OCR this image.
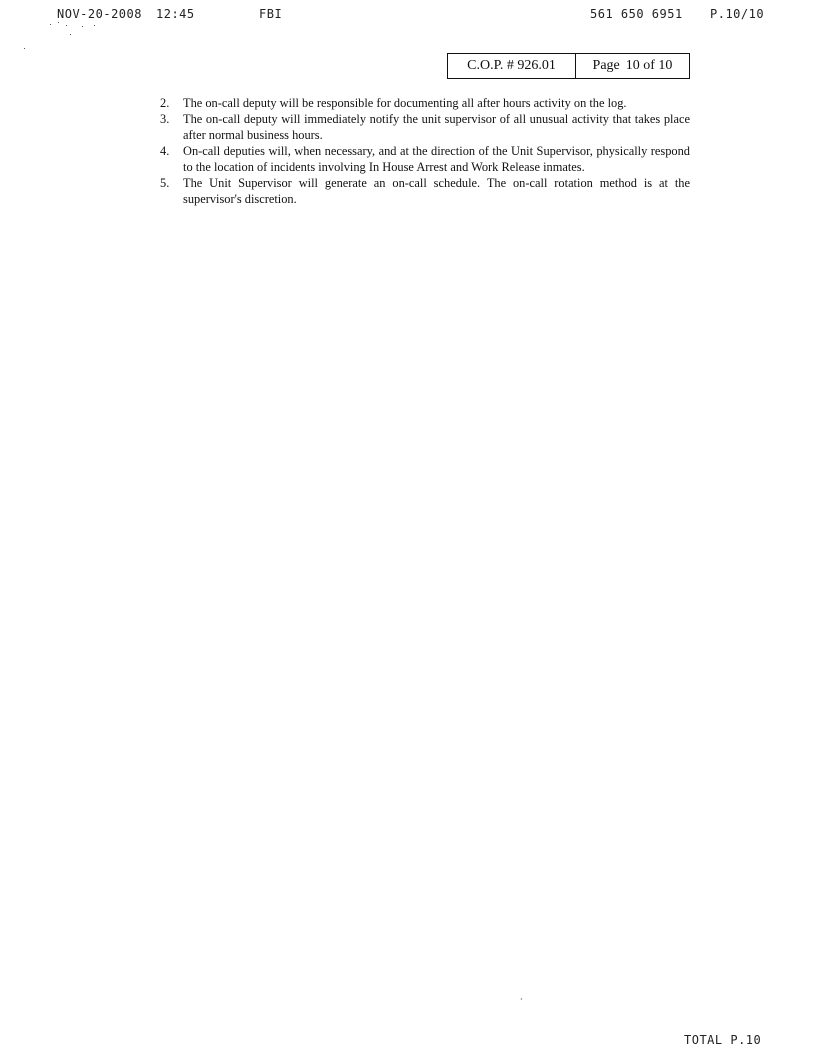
NOV-20-2008 12:45	FBI	561 650 6951 P.10/10
C.O.P. # 926.01	Page 10 of 10
2. The on-call deputy will be responsible for documenting all after hours activity on the log.
3. The on-call deputy will immediately notify the unit supervisor of all unusual activity that takes place after normal business hours.
4. On-call deputies will, when necessary, and at the direction of the Unit Supervisor, physically respond to the location of incidents involving In House Arrest and Work Release inmates.
5. The Unit Supervisor will generate an on-call schedule. The on-call rotation method is at the supervisor's discretion.
TOTAL P.10
